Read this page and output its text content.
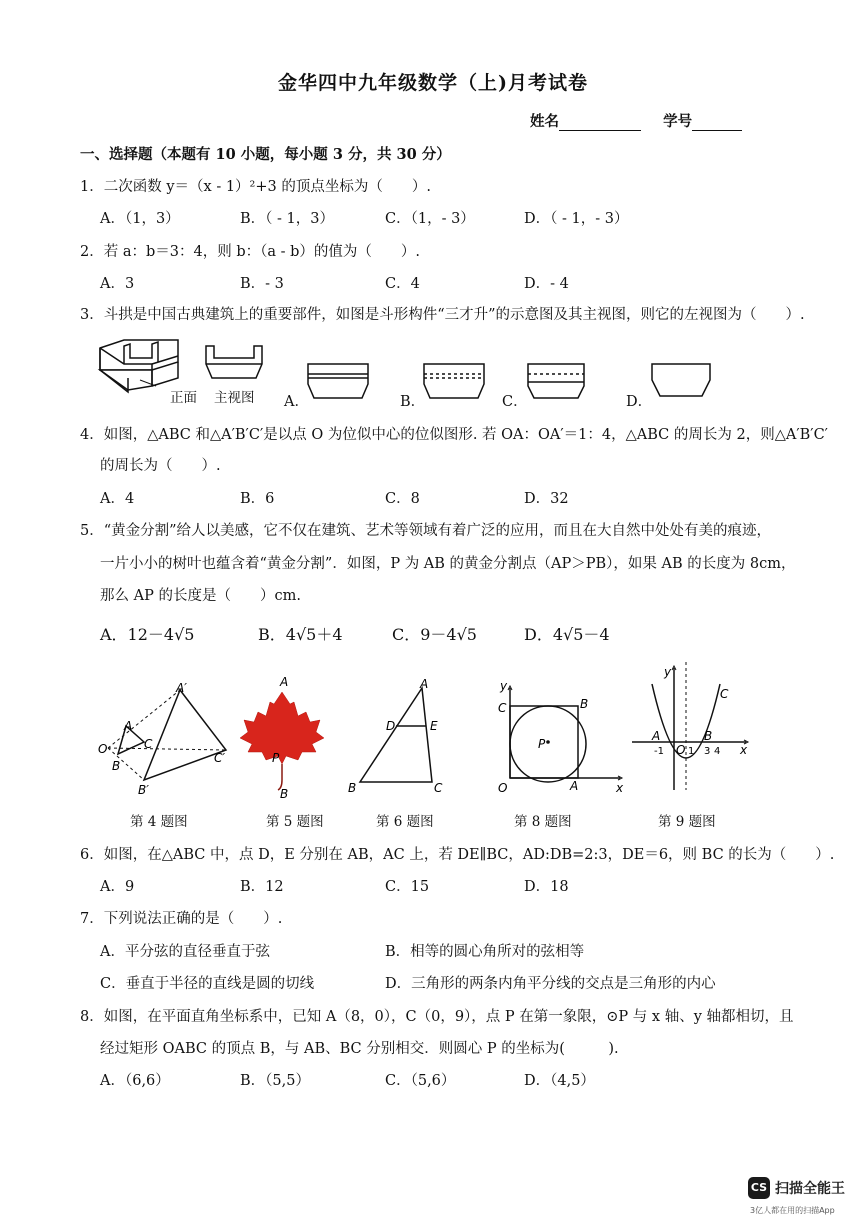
金华四中九年级数学（上)月考试卷
姓名	学号
一、选择题（本题有 10 小题，每小题 3 分，共 30 分）
1．二次函数 y＝（x - 1）²+3 的顶点坐标为（　　）.
A．（1，3）	B．（ - 1，3）	C．（1，- 3）	D．（ - 1，- 3）
2．若 a：b＝3：4，则 b：（a - b）的值为（　　）.
A．3	B．- 3	C．4	D．- 4
3．斗拱是中国古典建筑上的重要部件，如图是斗形构件“三才升”的示意图及其主视图，则它的左视图为（　　）.
正面 主视图 A．	B．	C．	D．
4．如图，△ABC 和△A′B′C′是以点 O 为位似中心的位似图形. 若 OA：OA′＝1：4，△ABC 的周长为 2，则△A′B′C′
的周长为（　　）.
A．4	B．6	C．8	D．32
5．“黄金分割”给人以美感，它不仅在建筑、艺术等领域有着广泛的应用，而且在大自然中处处有美的痕迹，
一片小小的树叶也蕴含着“黄金分割”．如图，P 为 AB 的黄金分割点（AP＞PB），如果 AB 的长度为 8cm，
那么 AP 的长度是（　　）cm.
A．12－4√5	B．4√5＋4	C．9－4√5	D．4√5－4
A′
A
C
O
B
B′
C′
A
P
B
A
D	E
B	C
y
C	B
P
O	A	x
y
C
A
-1 O 1
B
3 4 x
第 4 题图	第 5 题图	第 6 题图	第 8 题图	第 9 题图
6．如图，在△ABC 中，点 D，E 分别在 AB，AC 上，若 DE∥BC，AD:DB=2:3，DE＝6，则 BC 的长为（　　）.
A．9	B．12	C．15	D．18
7．下列说法正确的是（　　）.
A．平分弦的直径垂直于弦	B．相等的圆心角所对的弦相等
C．垂直于半径的直线是圆的切线	D．三角形的两条内角平分线的交点是三角形的内心
8．如图，在平面直角坐标系中，已知 A（8，0），C（0，9），点 P 在第一象限，⊙P 与 x 轴、y 轴都相切，且
经过矩形 OABC 的顶点 B，与 AB、BC 分别相交．则圆心 P 的坐标为(　　　).
A．（6,6）	B．（5,5）	C．（5,6）	D．（4,5）
CS 扫描全能王
3亿人都在用的扫描App
